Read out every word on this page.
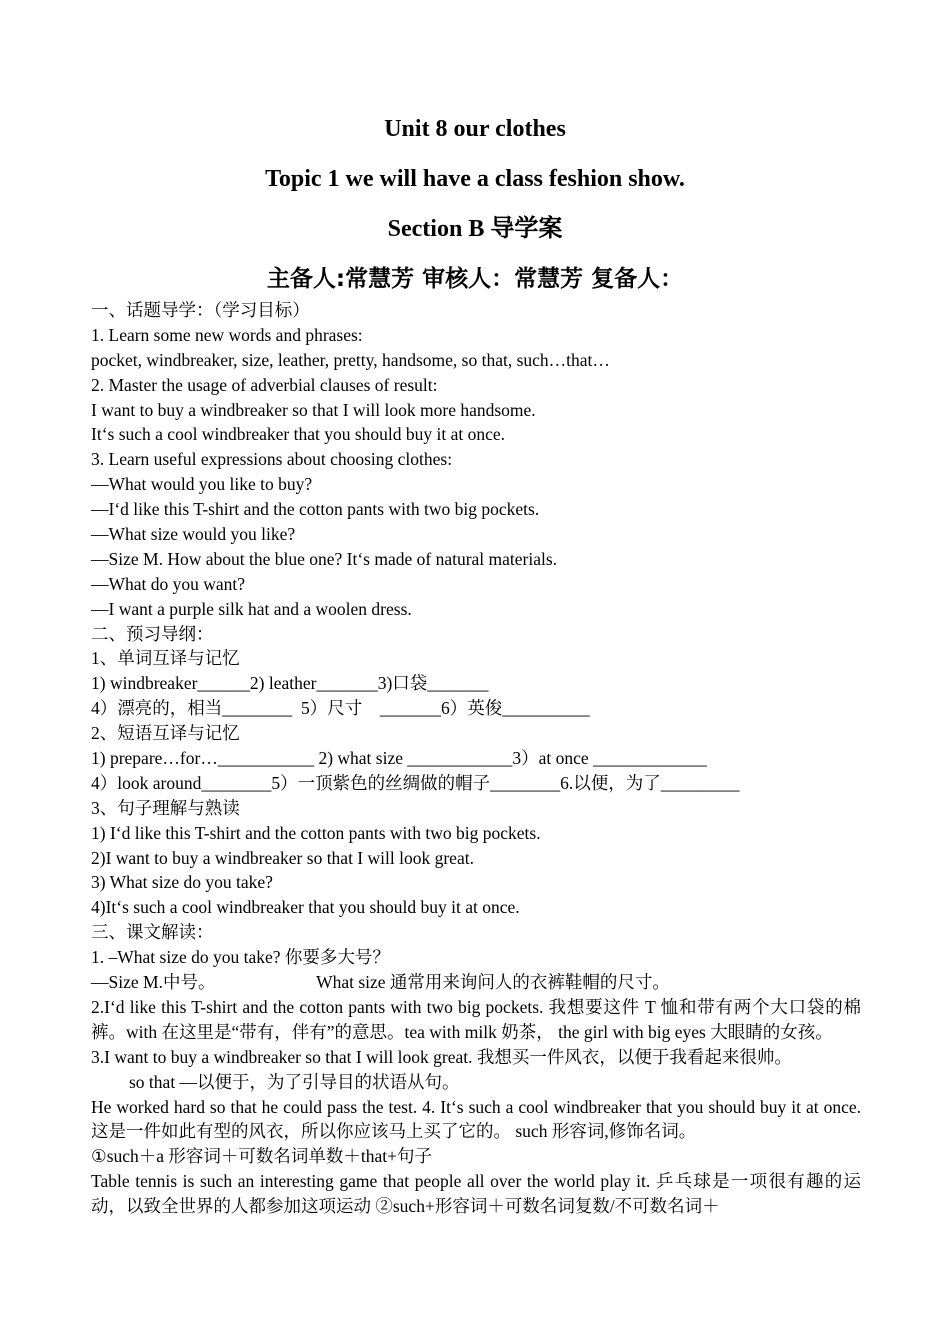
Unit 8 our clothes
Topic 1 we will have a class feshion show.
Section B 导学案
主备人:常慧芳 审核人：常慧芳 复备人：
一、话题导学：（学习目标）
1. Learn some new words and phrases:
pocket, windbreaker, size, leather, pretty, handsome, so that, such…that…
2. Master the usage of adverbial clauses of result:
I want to buy a windbreaker so that I will look more handsome.
It‘s such a cool windbreaker that you should buy it at once.
3. Learn useful expressions about choosing clothes:
—What would you like to buy?
—I‘d like this T-shirt and the cotton pants with two big pockets.
—What size would you like?
—Size M. How about the blue one? It‘s made of natural materials.
—What do you want?
—I want a purple silk hat and a woolen dress.
二、预习导纲：
1、单词互译与记忆
1) windbreaker______2) leather_______3)口袋_______
4）漂亮的，相当________  5）尺寸    _______6）英俊__________
2、短语互译与记忆
1) prepare…for…___________ 2) what size ____________3）at once _____________
4）look around________5）一顶紫色的丝绸做的帽子________6.以便，为了_________
3、句子理解与熟读
1) I‘d like this T-shirt and the cotton pants with two big pockets.
2)I want to buy a windbreaker so that I will look great.
3) What size do you take?
4)It‘s such a cool windbreaker that you should buy it at once.
三、课文解读：
1. –What size do you take? 你要多大号？
—Size M.中号。                       What size 通常用来询问人的衣裤鞋帽的尺寸。
2.I‘d like this T-shirt and the cotton pants with two big pockets. 我想要这件 T 恤和带有两个大口袋的棉裤。with 在这里是“带有，伴有”的意思。tea with milk 奶茶， the girl with big eyes 大眼睛的女孩。
3.I want to buy a windbreaker so that I will look great. 我想买一件风衣，以便于我看起来很帅。
so that —以便于，为了引导目的状语从句。
He worked hard so that he could pass the test. 4. It‘s such a cool windbreaker that you should buy it at once. 这是一件如此有型的风衣，所以你应该马上买了它的。 such 形容词,修饰名词。
①such＋a 形容词＋可数名词单数＋that+句子
Table tennis is such an interesting game that people all over the world play it. 乒乓球是一项很有趣的运动，以致全世界的人都参加这项运动 ②such+形容词＋可数名词复数/不可数名词＋
